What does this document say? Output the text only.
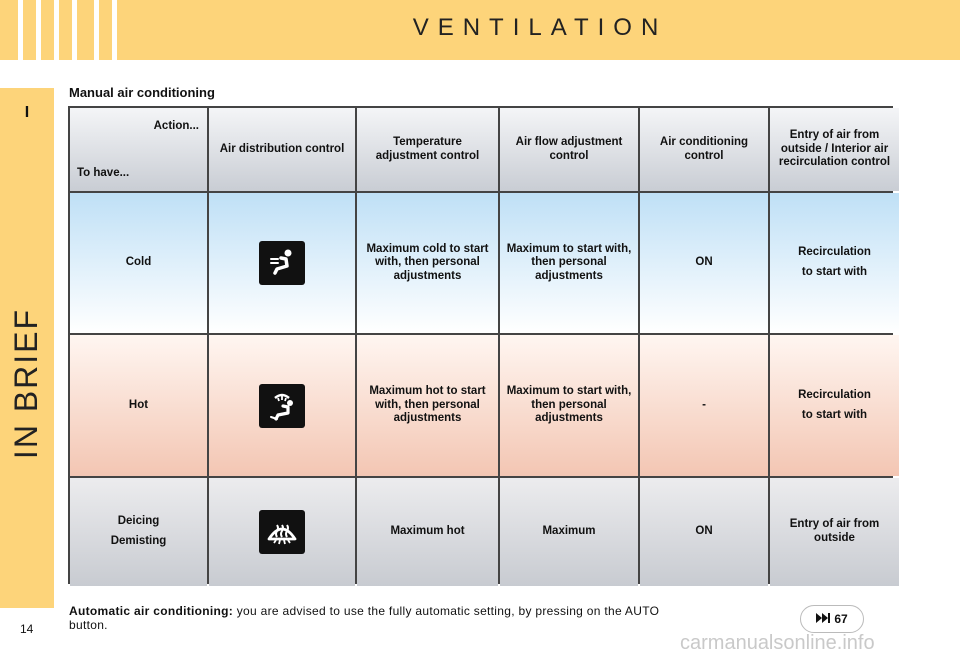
VENTILATION
I
IN BRIEF
Manual air conditioning
Action...
To have...
Air distribution control
Temperature adjustment control
Air flow adjustment control
Air conditioning control
Entry of air from outside / Interior air recirculation control
Cold
Maximum cold to start with, then personal adjustments
Maximum to start with, then personal adjustments
ON
Recirculation
to start with
Hot
Maximum hot to start with, then personal adjustments
Maximum to start with, then personal adjustments
-
Recirculation
to start with
Deicing
Demisting
Maximum hot	Maximum	ON
Entry of air from outside
Automatic air conditioning: you are advised to use the fully automatic setting, by pressing on the AUTO button.
14
67
carmanualsonline.info
